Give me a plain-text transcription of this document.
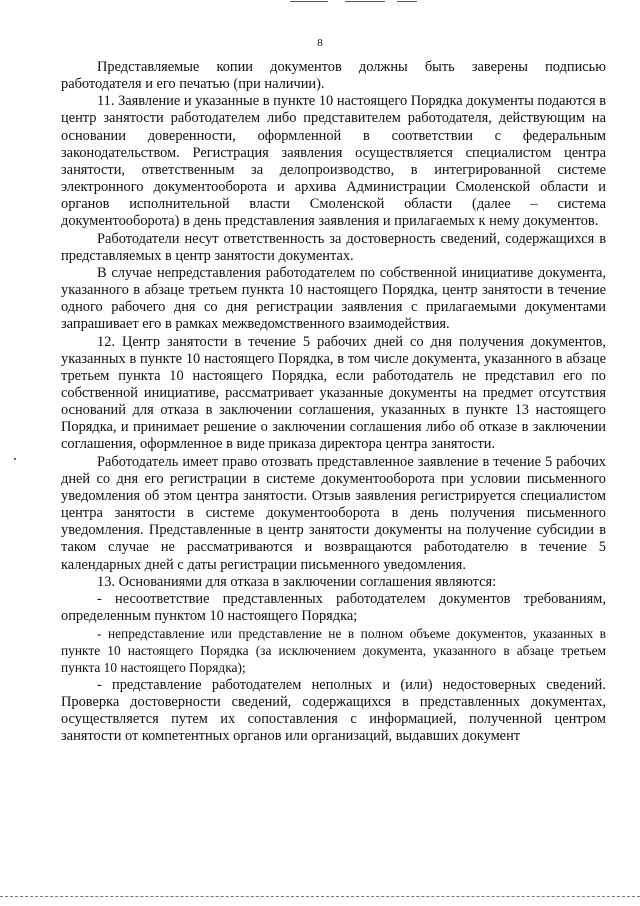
8

Представляемые копии документов должны быть заверены подписью работодателя и его печатью (при наличии).

11. Заявление и указанные в пункте 10 настоящего Порядка документы подаются в центр занятости работодателем либо представителем работодателя, действующим на основании доверенности, оформленной в соответствии с федеральным законодательством. Регистрация заявления осуществляется специалистом центра занятости, ответственным за делопроизводство, в интегрированной системе электронного документооборота и архива Администрации Смоленской области и органов исполнительной власти Смоленской области (далее – система документооборота) в день представления заявления и прилагаемых к нему документов.

Работодатели несут ответственность за достоверность сведений, содержащихся в представляемых в центр занятости документах.

В случае непредставления работодателем по собственной инициативе документа, указанного в абзаце третьем пункта 10 настоящего Порядка, центр занятости в течение одного рабочего дня со дня регистрации заявления с прилагаемыми документами запрашивает его в рамках межведомственного взаимодействия.

12. Центр занятости в течение 5 рабочих дней со дня получения документов, указанных в пункте 10 настоящего Порядка, в том числе документа, указанного в абзаце третьем пункта 10 настоящего Порядка, если работодатель не представил его по собственной инициативе, рассматривает указанные документы на предмет отсутствия оснований для отказа в заключении соглашения, указанных в пункте 13 настоящего Порядка, и принимает решение о заключении соглашения либо об отказе в заключении соглашения, оформленное в виде приказа директора центра занятости.

Работодатель имеет право отозвать представленное заявление в течение 5 рабочих дней со дня его регистрации в системе документооборота при условии письменного уведомления об этом центра занятости. Отзыв заявления регистрируется специалистом центра занятости в системе документооборота в день получения письменного уведомления. Представленные в центр занятости документы на получение субсидии в таком случае не рассматриваются и возвращаются работодателю в течение 5 календарных дней с даты регистрации письменного уведомления.

13. Основаниями для отказа в заключении соглашения являются:

- несоответствие представленных работодателем документов требованиям, определенным пунктом 10 настоящего Порядка;

- непредставление или представление не в полном объеме документов, указанных в пункте 10 настоящего Порядка (за исключением документа, указанного в абзаце третьем пункта 10 настоящего Порядка);

- представление работодателем неполных и (или) недостоверных сведений. Проверка достоверности сведений, содержащихся в представленных документах, осуществляется путем их сопоставления с информацией, полученной центром занятости от компетентных органов или организаций, выдавших документ
